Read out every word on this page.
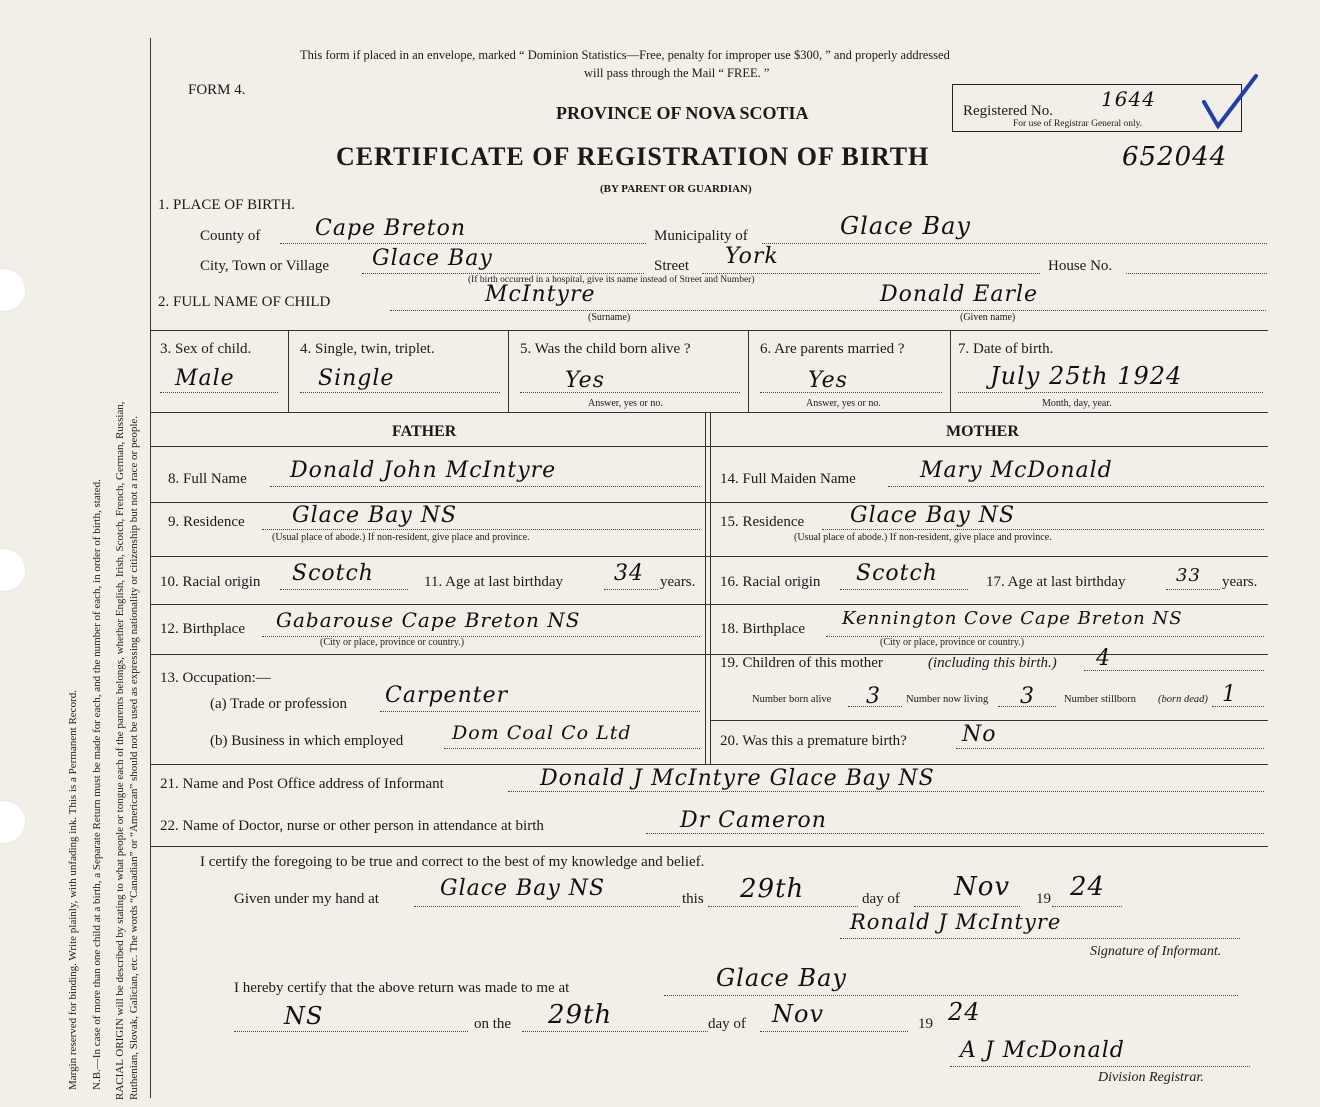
Margin reserved for binding. Write plainly, with unfading ink. This is a Permanent Record. N.B.—In case of more than one child at a birth, a Separate Return must be made for each, and the number of each, in order of birth, stated. RACIAL ORIGIN will be described by stating to what people or tongue each of the parents belongs, whether English, Irish, Scotch, French, German, Russian, Ruthenian, Slovak, Galician, etc. The words “Canadian” or “American” should not be used as expressing nationality or citizenship but not a race or people.
This form if placed in an envelope, marked “ Dominion Statistics—Free, penalty for improper use $300, ” and properly addressed
will pass through the Mail “ FREE. ”
FORM 4.
PROVINCE OF NOVA SCOTIA
CERTIFICATE OF REGISTRATION OF BIRTH
(BY PARENT OR GUARDIAN)
Registered No. 1644
For use of Registrar General only.
652044
1. PLACE OF BIRTH.
County of Cape Breton	Municipality of	Glace Bay
City, Town or Village Glace Bay	Street York	House No.
(If birth occurred in a hospital, give its name instead of Street and Number)
2. FULL NAME OF CHILD	McIntyre
(Surname)
Donald Earle
(Given name)
3. Sex of child.
Male
4. Single, twin, triplet.
Single
5. Was the child born alive ?
Yes
Answer, yes or no.
6. Are parents married ?
Yes
Answer, yes or no.
7. Date of birth.
July 25th 1924
Month, day, year.
FATHER	MOTHER
8. Full Name Donald John McIntyre
9. Residence Glace Bay NS
(Usual place of abode.) If non-resident, give place and province.
10. Racial origin Scotch	11. Age at last birthday 34 years.
12. Birthplace Gabarouse Cape Breton NS
(City or place, province or country.)
13. Occupation:—
(a) Trade or profession Carpenter
(b) Business in which employed	Dom Coal Co Ltd
14. Full Maiden Name	Mary McDonald
15. Residence Glace Bay NS
(Usual place of abode.) If non-resident, give place and province.
16. Racial origin Scotch	17. Age at last birthday	33 years.
18. Birthplace Kennington Cove Cape Breton NS
(City or place, province or country.)
19. Children of this mother	(including this birth.) 4
Number born alive 3 Number now living 3	Number stillborn (born dead) 1
20. Was this a premature birth?	No
21. Name and Post Office address of Informant	Donald J McIntyre Glace Bay NS
22. Name of Doctor, nurse or other person in attendance at birth	Dr Cameron
I certify the foregoing to be true and correct to the best of my knowledge and belief.
Given under my hand at	Glace Bay NS	this 29th	day of Nov 19 24
Ronald J McIntyre
Signature of Informant.
I hereby certify that the above return was made to me at	Glace Bay
NS	on the 29th	day of Nov	19 24
A J McDonald
Division Registrar.
